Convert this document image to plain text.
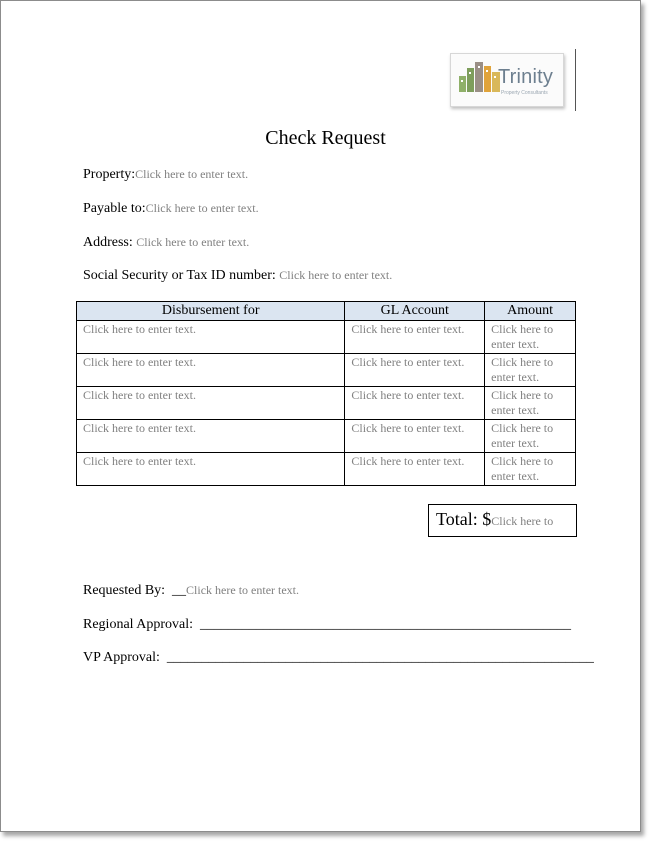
Trinity
Property Consultants
Check Request
Property:Click here to enter text.
Payable to:Click here to enter text.
Address: Click here to enter text.
Social Security or Tax ID number: Click here to enter text.
Disbursement for	GL Account	Amount
Click here to enter text.	Click here to enter text.	Click here to enter text.
Click here to enter text.	Click here to enter text.	Click here to enter text.
Click here to enter text.	Click here to enter text.	Click here to enter text.
Click here to enter text.	Click here to enter text.	Click here to enter text.
Click here to enter text.	Click here to enter text.	Click here to enter text.
Total: $Click here to
Requested By:  __Click here to enter text.
Regional Approval:  _____________________________________________________
VP Approval:  _____________________________________________________________
